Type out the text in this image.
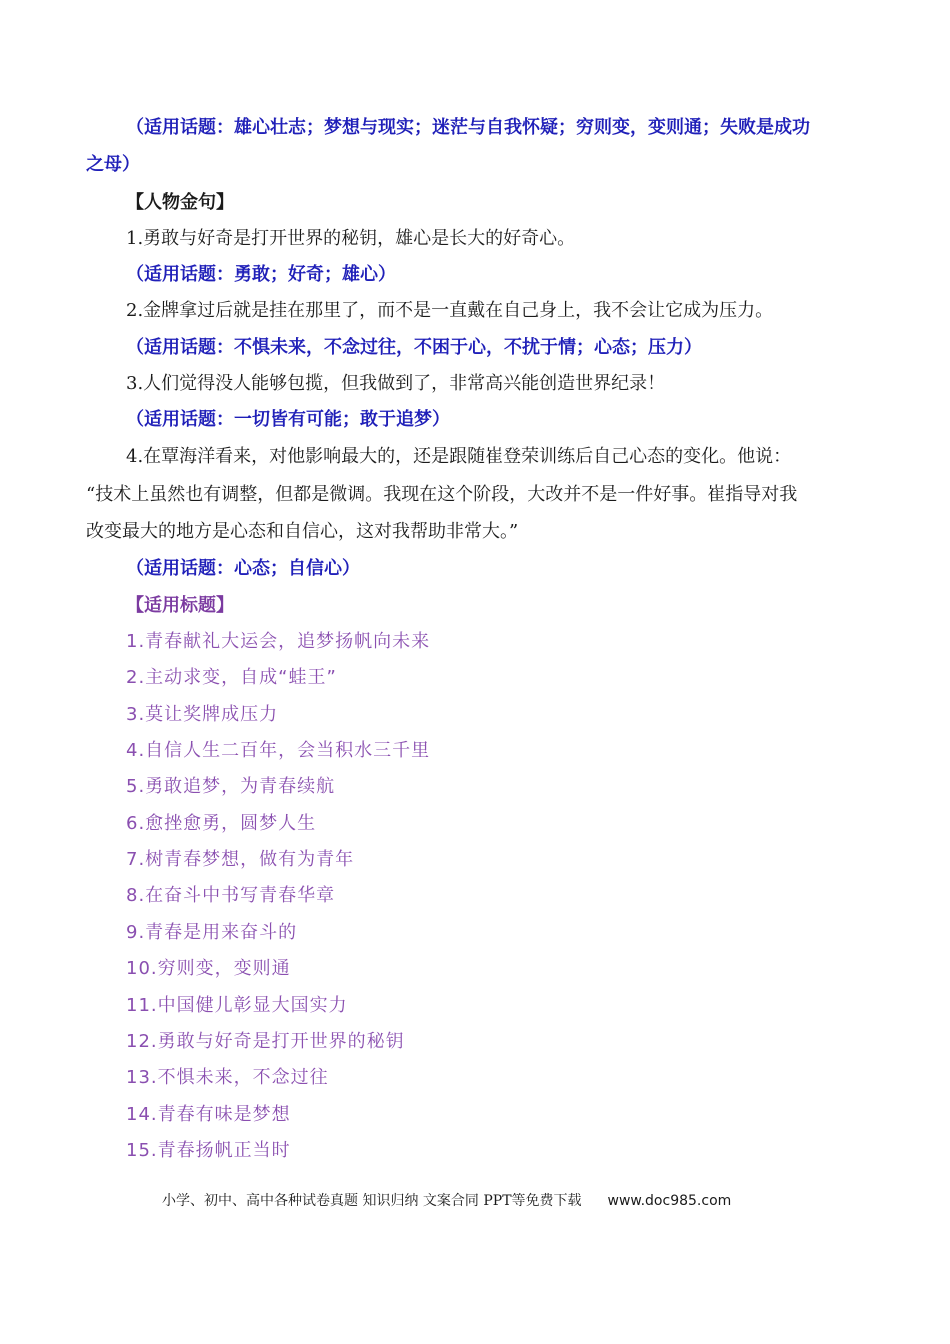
（适用话题：雄心壮志；梦想与现实；迷茫与自我怀疑；穷则变，变则通；失败是成功
之母）
【人物金句】
1.勇敢与好奇是打开世界的秘钥，雄心是长大的好奇心。
（适用话题：勇敢；好奇；雄心）
2.金牌拿过后就是挂在那里了，而不是一直戴在自己身上，我不会让它成为压力。
（适用话题：不惧未来，不念过往，不困于心，不扰于情；心态；压力）
3.人们觉得没人能够包揽，但我做到了，非常高兴能创造世界纪录！
（适用话题：一切皆有可能；敢于追梦）
4.在覃海洋看来，对他影响最大的，还是跟随崔登荣训练后自己心态的变化。他说：
“技术上虽然也有调整，但都是微调。我现在这个阶段，大改并不是一件好事。崔指导对我
改变最大的地方是心态和自信心，这对我帮助非常大。”
（适用话题：心态；自信心）
【适用标题】
1.青春献礼大运会，追梦扬帆向未来
2.主动求变，自成“蛙王”
3.莫让奖牌成压力
4.自信人生二百年，会当积水三千里
5.勇敢追梦，为青春续航
6.愈挫愈勇，圆梦人生
7.树青春梦想，做有为青年
8.在奋斗中书写青春华章
9.青春是用来奋斗的
10.穷则变，变则通
11.中国健儿彰显大国实力
12.勇敢与好奇是打开世界的秘钥
13.不惧未来，不念过往
14.青春有味是梦想
15.青春扬帆正当时
小学、初中、高中各种试卷真题 知识归纳 文案合同 PPT等免费下载 www.doc985.com
